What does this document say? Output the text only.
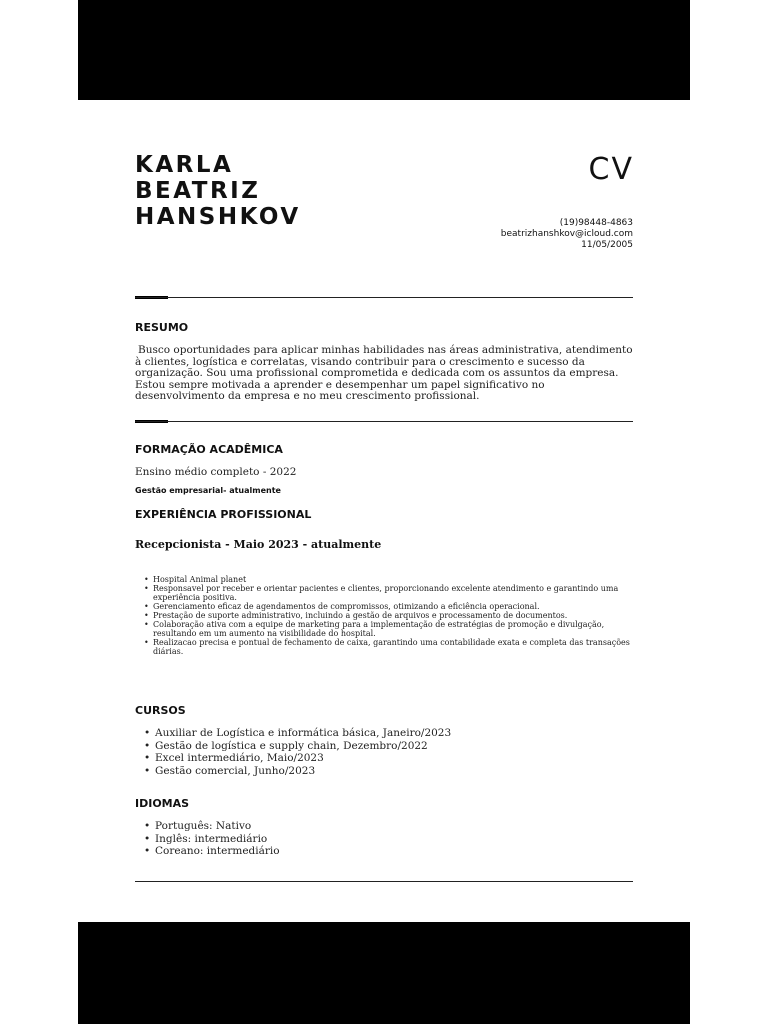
KARLA
BEATRIZ
HANSHKOV
CV
(19)98448-4863
beatrizhanshkov@icloud.com
11/05/2005
RESUMO

Busco oportunidades para aplicar minhas habilidades nas áreas administrativa, atendimento à clientes, logística e correlatas, visando contribuir para o crescimento e sucesso da organização. Sou uma profissional comprometida e dedicada com os assuntos da empresa.

Estou sempre motivada a aprender e desempenhar um papel significativo no desenvolvimento da empresa e no meu crescimento profissional.

FORMAÇÃO ACADÊMICA
Ensino médio completo - 2022
Gestão empresarial- atualmente
EXPERIÊNCIA PROFISSIONAL
Recepcionista - Maio 2023 - atualmente
• Hospital Animal planet
• Responsavel por receber e orientar pacientes e clientes, proporcionando excelente atendimento e garantindo uma experiência positiva.
• Gerenciamento eficaz de agendamentos de compromissos, otimizando a eficiência operacional.
• Prestação de suporte administrativo, incluindo a gestão de arquivos e processamento de documentos.
• Colaboração ativa com a equipe de marketing para a implementação de estratégias de promoção e divulgação, resultando em um aumento na visibilidade do hospital.
• Realizacao precisa e pontual de fechamento de caixa, garantindo uma contabilidade exata e completa das transações diárias.
CURSOS
• Auxiliar de Logística e informática básica, Janeiro/2023
• Gestão de logística e supply chain, Dezembro/2022
• Excel intermediário, Maio/2023
• Gestão comercial, Junho/2023
IDIOMAS
• Português: Nativo
• Inglês: intermediário
• Coreano: intermediário
